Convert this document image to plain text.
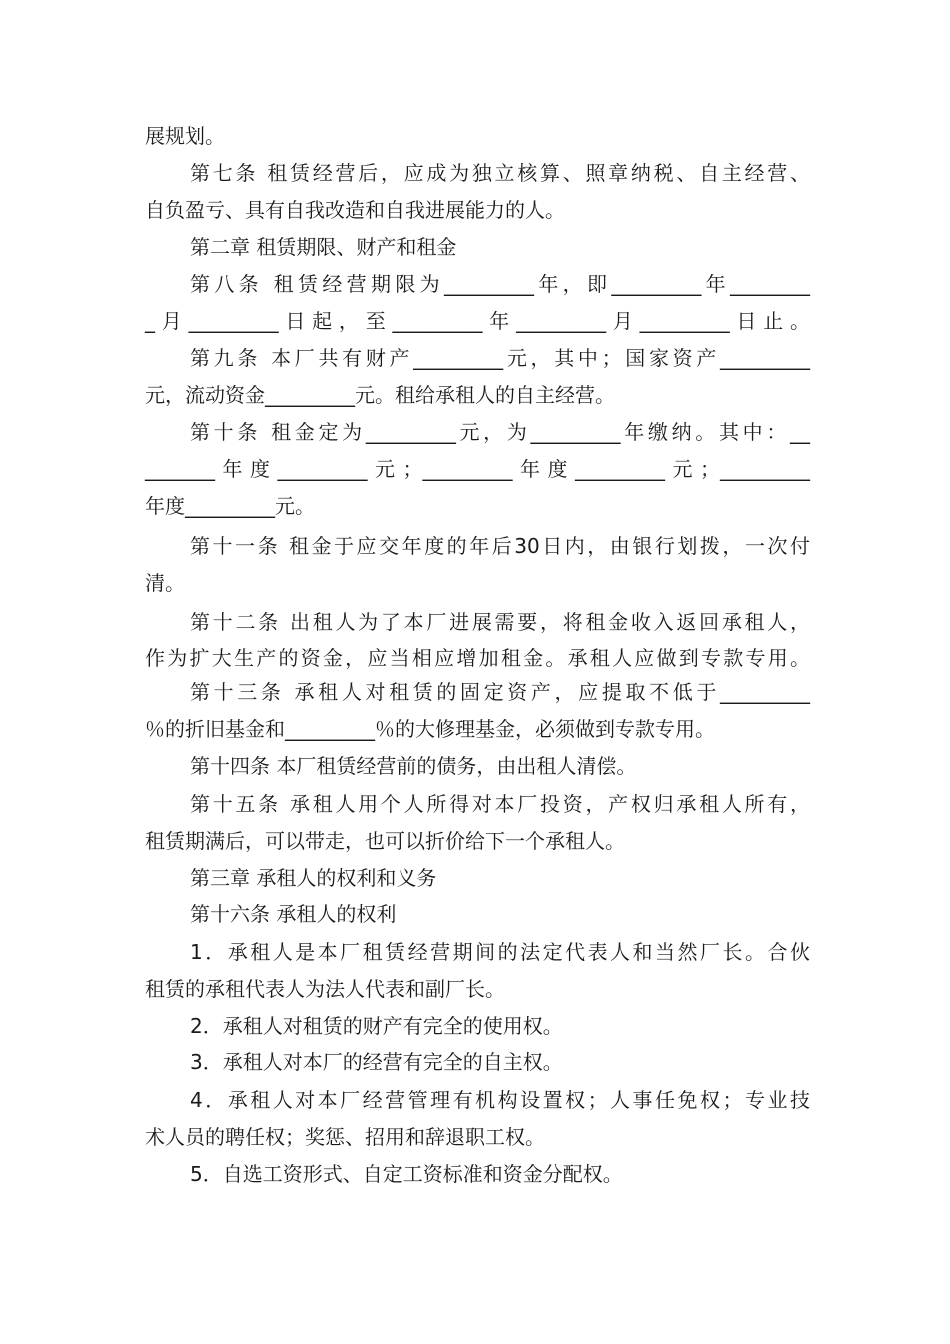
展规划。
第七条 租赁经营后，应成为独立核算、照章纳税、自主经营、
自负盈亏、具有自我改造和自我进展能力的人。
第二章 租赁期限、财产和租金
第八条 租赁经营期限为_________年，即_________年________
_月_________日起，至_________年_________月_________日止。
第九条 本厂共有财产_________元，其中；国家资产_________
元，流动资金_________元。租给承租人的自主经营。
第十条 租金定为_________元，为_________年缴纳。其中：__
_______年度_________元；_________年度_________元；_________
年度_________元。
第十一条 租金于应交年度的年后30日内，由银行划拨，一次付
清。
第十二条 出租人为了本厂进展需要，将租金收入返回承租人，
作为扩大生产的资金，应当相应增加租金。承租人应做到专款专用。
第十三条 承租人对租赁的固定资产，应提取不低于_________
％的折旧基金和_________％的大修理基金，必须做到专款专用。
第十四条 本厂租赁经营前的债务，由出租人清偿。
第十五条 承租人用个人所得对本厂投资，产权归承租人所有，
租赁期满后，可以带走，也可以折价给下一个承租人。
第三章 承租人的权利和义务
第十六条 承租人的权利
1．承租人是本厂租赁经营期间的法定代表人和当然厂长。合伙
租赁的承租代表人为法人代表和副厂长。
2．承租人对租赁的财产有完全的使用权。
3．承租人对本厂的经营有完全的自主权。
4．承租人对本厂经营管理有机构设置权；人事任免权；专业技
术人员的聘任权；奖惩、招用和辞退职工权。
5．自选工资形式、自定工资标准和资金分配权。
